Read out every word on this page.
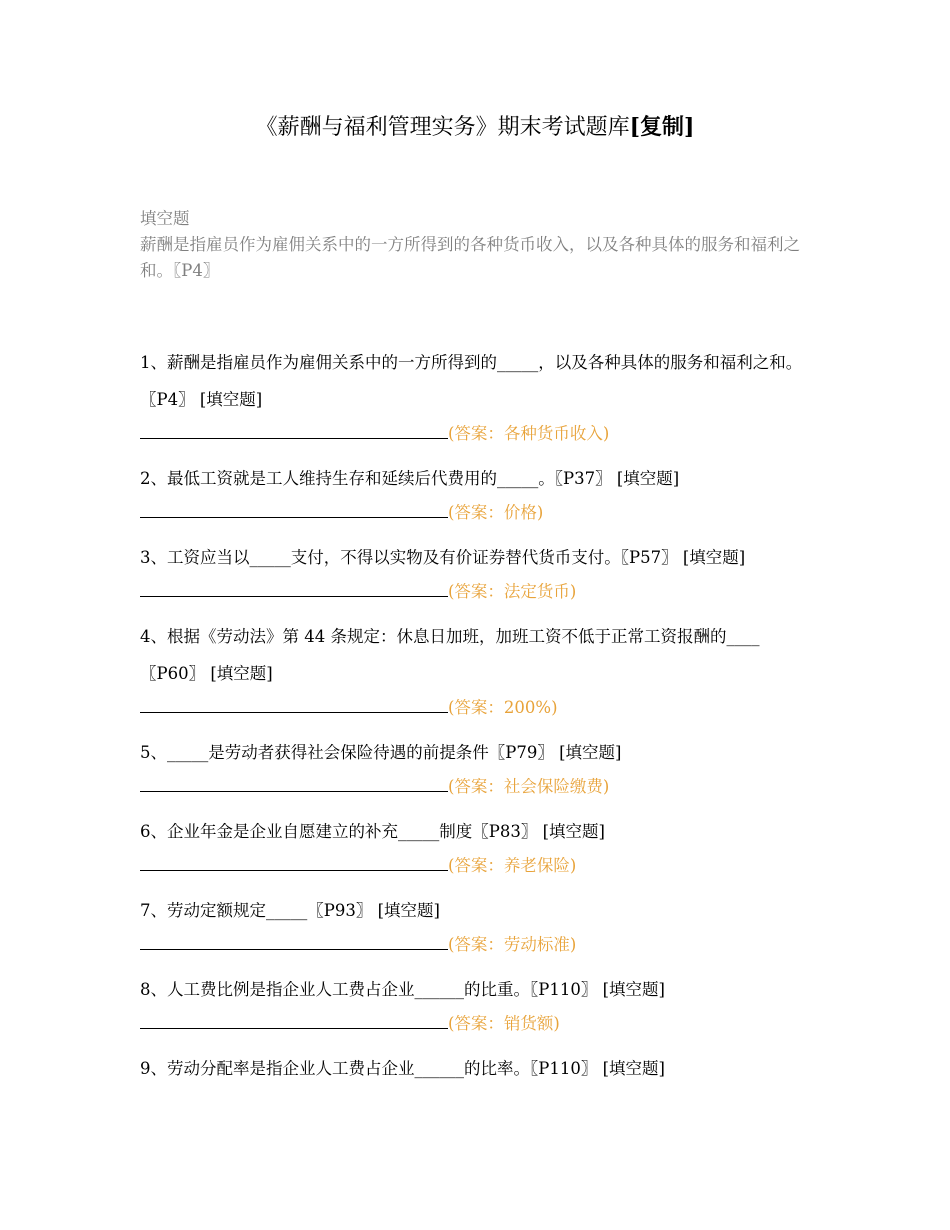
《薪酬与福利管理实务》期末考试题库[复制]
填空题
薪酬是指雇员作为雇佣关系中的一方所得到的各种货币收入，以及各种具体的服务和福利之和。〖P4〗

1、薪酬是指雇员作为雇佣关系中的一方所得到的_____，以及各种具体的服务和福利之和。〖P4〗 [填空题]

(答案：各种货币收入)

2、最低工资就是工人维持生存和延续后代费用的_____。〖P37〗 [填空题]

(答案：价格)

3、工资应当以_____支付，不得以实物及有价证券替代货币支付。〖P57〗 [填空题]

(答案：法定货币)

4、根据《劳动法》第 44 条规定：休息日加班，加班工资不低于正常工资报酬的____〖P60〗 [填空题]

(答案：200%)

5、_____是劳动者获得社会保险待遇的前提条件〖P79〗 [填空题]

(答案：社会保险缴费)

6、企业年金是企业自愿建立的补充_____制度〖P83〗 [填空题]

(答案：养老保险)

7、劳动定额规定_____〖P93〗 [填空题]

(答案：劳动标准)

8、人工费比例是指企业人工费占企业______的比重。〖P110〗 [填空题]

(答案：销货额)

9、劳动分配率是指企业人工费占企业______的比率。〖P110〗 [填空题]
